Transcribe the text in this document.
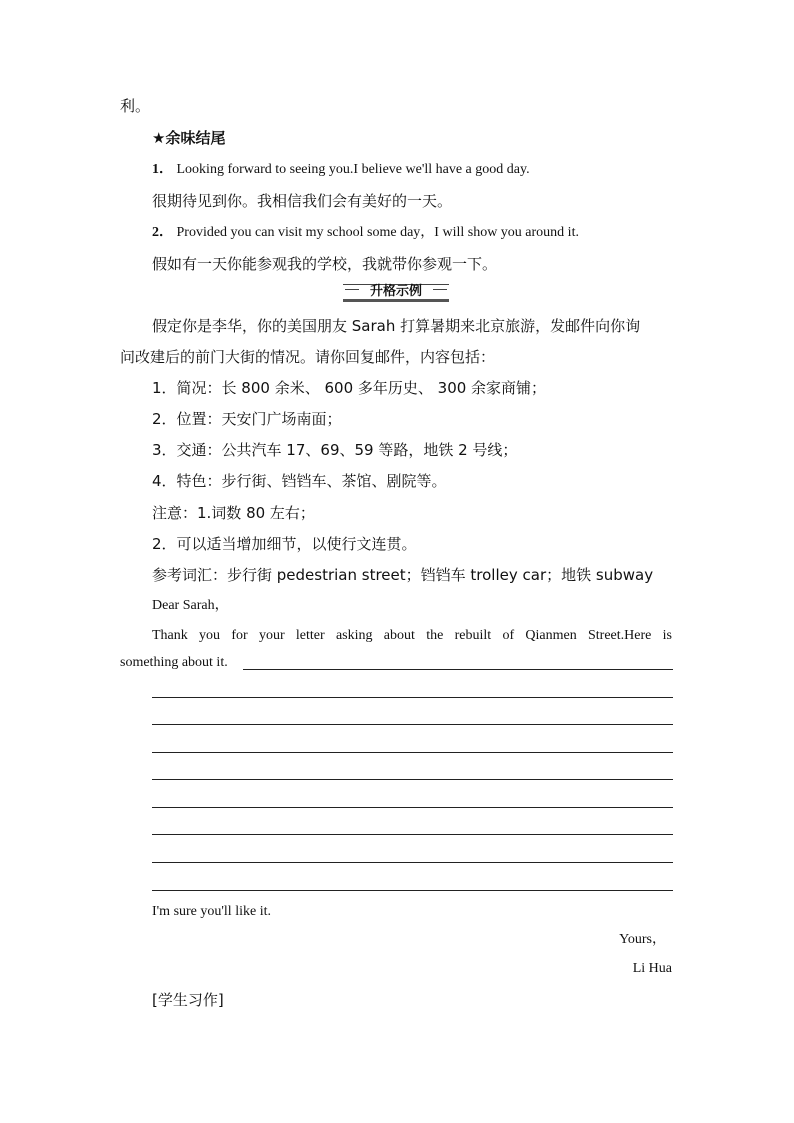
利。
★余味结尾
1． Looking forward to seeing you.I believe we'll have a good day.
很期待见到你。我相信我们会有美好的一天。
2． Provided you can visit my school some day，I will show you around it.
假如有一天你能参观我的学校，我就带你参观一下。
升格示例
假定你是李华，你的美国朋友 Sarah 打算暑期来北京旅游，发邮件向你询
问改建后的前门大街的情况。请你回复邮件，内容包括：
1．简况：长 800 余米、 600 多年历史、 300 余家商铺；
2．位置：天安门广场南面；
3．交通：公共汽车 17、69、59 等路，地铁 2 号线；
4．特色：步行街、铛铛车、茶馆、剧院等。
注意：1.词数 80 左右；
2．可以适当增加细节，以使行文连贯。
参考词汇：步行街 pedestrian street；铛铛车 trolley car；地铁 subway
Dear Sarah，
Thank you for your letter asking about the rebuilt of Qianmen Street.Here is
something about it.
I'm sure you'll like it.
Yours，
Li Hua
[学生习作]
